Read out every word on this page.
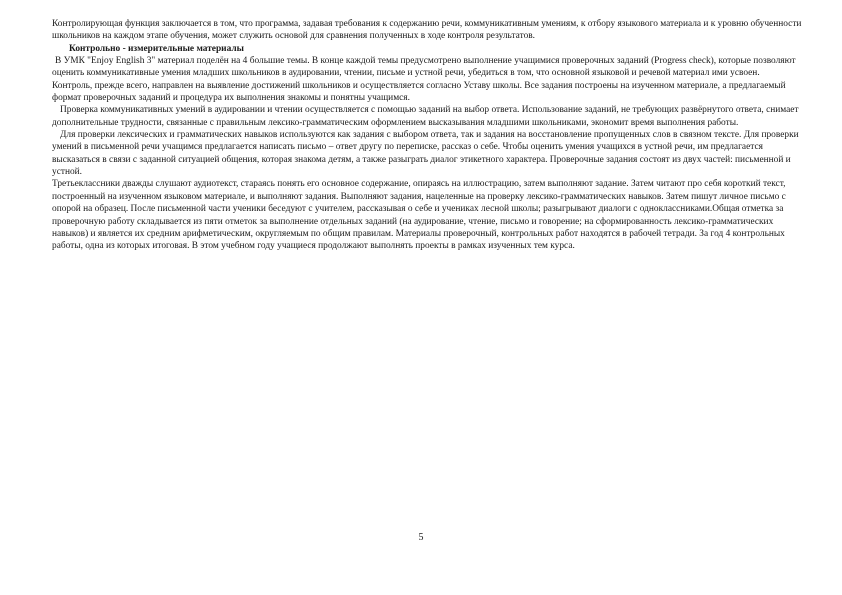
Контролирующая функция заключается в том, что программа, задавая требования к содержанию речи, коммуникативным умениям, к отбору языкового материала и к уровню обученности школьников на каждом этапе обучения, может служить основой для сравнения полученных в ходе контроля результатов.

Контрольно - измерительные материалы

В УМК "Enjoy English 3" материал поделён на 4 большие темы. В конце каждой темы предусмотрено выполнение учащимися проверочных заданий (Progress check), которые позволяют оценить коммуникативные умения младших школьников в аудировании, чтении, письме и устной речи, убедиться в том, что основной языковой и речевой материал ими усвоен. Контроль, прежде всего, направлен на выявление достижений школьников и осуществляется согласно Уставу школы. Все задания построены на изученном материале, а предлагаемый формат проверочных заданий и процедура их выполнения знакомы и понятны учащимся.

Проверка коммуникативных умений в аудировании и чтении осуществляется с помощью заданий на выбор ответа. Использование заданий, не требующих развёрнутого ответа, снимает дополнительные трудности, связанные с правильным лексико-грамматическим оформлением высказывания младшими школьниками, экономит время выполнения работы.

Для проверки лексических и грамматических навыков используются как задания с выбором ответа, так и задания на восстановление пропущенных слов в связном тексте. Для проверки умений в письменной речи учащимся предлагается написать письмо – ответ другу по переписке, рассказ о себе. Чтобы оценить умения учащихся в устной речи, им предлагается высказаться в связи с заданной ситуацией общения, которая знакома детям, а также разыграть диалог этикетного характера. Проверочные задания состоят из двух частей: письменной и устной.

Третьеклассники дважды слушают аудиотекст, стараясь понять его основное содержание, опираясь на иллюстрацию, затем выполняют задание. Затем читают про себя короткий текст, построенный на изученном языковом материале, и выполняют задания. Выполняют задания, нацеленные на проверку лексико-грамматических навыков. Затем пишут личное письмо с опорой на образец. После письменной части ученики беседуют с учителем, рассказывая о себе и учениках лесной школы; разыгрывают диалоги с одноклассниками.Общая отметка за проверочную работу складывается из пяти отметок за выполнение отдельных заданий (на аудирование, чтение, письмо и говорение; на сформированность лексико-грамматических навыков) и является их средним арифметическим, округляемым по общим правилам. Материалы проверочный, контрольных работ находятся в рабочей тетради. За год 4 контрольных работы, одна из которых итоговая. В этом учебном году учащиеся продолжают выполнять проекты в рамках изученных тем курса.

5
